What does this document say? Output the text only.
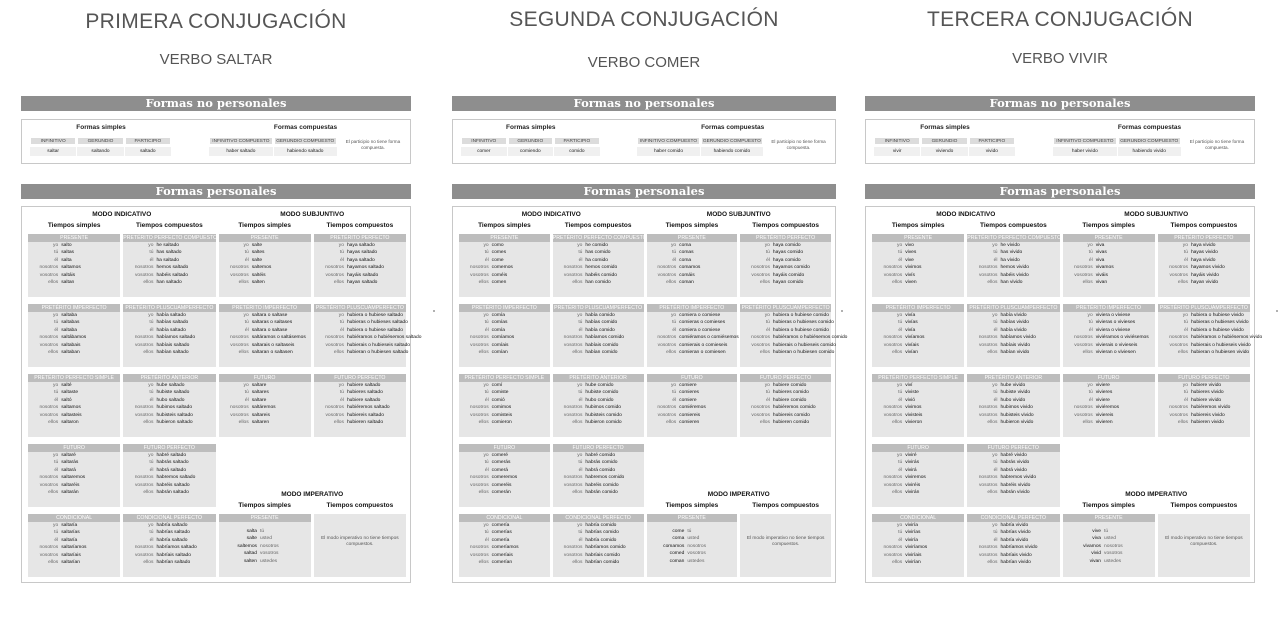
PRIMERA CONJUGACIÓN
VERBO SALTAR
Formas no personales
Formas simples	Formas compuestas
INFINITIVO
saltar
GERUNDIO
saltando
PARTICIPIO
saltado
INFINITIVO COMPUESTO
haber saltado
GERUNDIO COMPUESTO
habiendo saltado
El participio no tiene forma compuesta.
Formas personales
MODO INDICATIVO	MODO SUBJUNTIVO
Tiempos simples	Tiempos compuestos	Tiempos simples	Tiempos compuestos
PRESENTE
yo salto
tú saltas
él salta
nosotros saltamos
vosotros saltáis
ellos saltan
PRETÉRITO PERFECTO COMPUESTO
yo he saltado
tú has saltado
él ha saltado
nosotros hemos saltado
vosotros habéis saltado
ellos han saltado
PRETÉRITO IMPERFECTO
yo saltaba
tú saltabas
él saltaba
nosotros saltábamos
vosotros saltabais
ellos saltaban
PRETÉRITO PLUSCUAMPERFECTO
yo había saltado
tú habías saltado
él había saltado
nosotros habíamos saltado
vosotros habíais saltado
ellos habían saltado
PRETÉRITO PERFECTO SIMPLE
yo salté
tú saltaste
él saltó
nosotros saltamos
vosotros saltasteis
ellos saltaron
PRETÉRITO ANTERIOR
yo hube saltado
tú hubiste saltado
él hubo saltado
nosotros hubimos saltado
vosotros hubisteis saltado
ellos hubieron saltado
FUTURO
yo saltaré
tú saltarás
él saltará
nosotros saltaremos
vosotros saltaréis
ellos saltarán
FUTURO PERFECTO
yo habré saltado
tú habrás saltado
él habrá saltado
nosotros habremos saltado
vosotros habréis saltado
ellos habrán saltado
CONDICIONAL
yo saltaría
tú saltarías
él saltaría
nosotros saltaríamos
vosotros saltaríais
ellos saltarían
CONDICIONAL PERFECTO
yo habría saltado
tú habrías saltado
él habría saltado
nosotros habríamos saltado
vosotros habríais saltado
ellos habrían saltado
PRESENTE
yo salte
tú saltes
él salte
nosotros saltemos
vosotros saltéis
ellos salten
PRETÉRITO PERFECTO
yo haya saltado
tú hayas saltado
él haya saltado
nosotros hayamos saltado
vosotros hayáis saltado
ellos hayan saltado
PRETÉRITO IMPERFECTO
yo saltara o saltase
tú saltaras o saltases
él saltara o saltase
nosotros saltáramos o saltásemos
vosotros saltarais o saltaseis
ellos saltaran o saltasen
PRETÉRITO PLUSCUAMPERFECTO
yo hubiera o hubiese saltado
tú hubieras o hubieses saltado
él hubiera o hubiese saltado
nosotros hubiéramos o hubiésemos saltado
vosotros hubierais o hubieseis saltado
ellos hubieran o hubiesen saltado
FUTURO
yo saltare
tú saltares
él saltare
nosotros saltáremos
vosotros saltareis
ellos saltaren
FUTURO PERFECTO
yo hubiere saltado
tú hubieres saltado
él hubiere saltado
nosotros hubiéremos saltado
vosotros hubiereis saltado
ellos hubieren saltado
MODO IMPERATIVO
Tiempos simples	Tiempos compuestos
PRESENTE
salta tú
salte usted
saltemos nosotros
saltad vosotros
salten ustedes
El modo imperativo no tiene tiempos compuestos.
SEGUNDA CONJUGACIÓN
VERBO COMER
Formas no personales
Formas simples	Formas compuestas
INFINITIVO
comer
GERUNDIO
comiendo
PARTICIPIO
comido
INFINITIVO COMPUESTO
haber comido
GERUNDIO COMPUESTO
habiendo comido
El participio no tiene forma compuesta.
Formas personales
MODO INDICATIVO	MODO SUBJUNTIVO
Tiempos simples	Tiempos compuestos	Tiempos simples	Tiempos compuestos
PRESENTE
yo como
tú comes
él come
nosotros comemos
vosotros coméis
ellos comen
PRETÉRITO PERFECTO COMPUESTO
yo he comido
tú has comido
él ha comido
nosotros hemos comido
vosotros habéis comido
ellos han comido
PRETÉRITO IMPERFECTO
yo comía
tú comías
él comía
nosotros comíamos
vosotros comíais
ellos comían
PRETÉRITO PLUSCUAMPERFECTO
yo había comido
tú habías comido
él había comido
nosotros habíamos comido
vosotros habíais comido
ellos habían comido
PRETÉRITO PERFECTO SIMPLE
yo comí
tú comiste
él comió
nosotros comimos
vosotros comisteis
ellos comieron
PRETÉRITO ANTERIOR
yo hube comido
tú hubiste comido
él hubo comido
nosotros hubimos comido
vosotros hubisteis comido
ellos hubieron comido
FUTURO
yo comeré
tú comerás
él comerá
nosotros comeremos
vosotros comeréis
ellos comerán
FUTURO PERFECTO
yo habré comido
tú habrás comido
él habrá comido
nosotros habremos comido
vosotros habréis comido
ellos habrán comido
CONDICIONAL
yo comería
tú comerías
él comería
nosotros comeríamos
vosotros comeríais
ellos comerían
CONDICIONAL PERFECTO
yo habría comido
tú habrías comido
él habría comido
nosotros habríamos comido
vosotros habríais comido
ellos habrían comido
PRESENTE
yo coma
tú comas
él coma
nosotros comamos
vosotros comáis
ellos coman
PRETÉRITO PERFECTO
yo haya comido
tú hayas comido
él haya comido
nosotros hayamos comido
vosotros hayáis comido
ellos hayan comido
PRETÉRITO IMPERFECTO
yo comiera o comiese
tú comieras o comieses
él comiera o comiese
nosotros comiéramos o comiésemos
vosotros comierais o comieseis
ellos comieran o comiesen
PRETÉRITO PLUSCUAMPERFECTO
yo hubiera o hubiese comido
tú hubieras o hubieses comido
él hubiera o hubiese comido
nosotros hubiéramos o hubiésemos comido
vosotros hubierais o hubieseis comido
ellos hubieran o hubiesen comido
FUTURO
yo comiere
tú comieres
él comiere
nosotros comiéremos
vosotros comiereis
ellos comieren
FUTURO PERFECTO
yo hubiere comido
tú hubieres comido
él hubiere comido
nosotros hubiéremos comido
vosotros hubiereis comido
ellos hubieren comido
MODO IMPERATIVO
Tiempos simples	Tiempos compuestos
PRESENTE
come tú
coma usted
comamos nosotros
comed vosotros
coman ustedes
El modo imperativo no tiene tiempos compuestos.
TERCERA CONJUGACIÓN
VERBO VIVIR
Formas no personales
Formas simples	Formas compuestas
INFINITIVO
vivir
GERUNDIO
viviendo
PARTICIPIO
vivido
INFINITIVO COMPUESTO
haber vivido
GERUNDIO COMPUESTO
habiendo vivido
El participio no tiene forma compuesta.
Formas personales
MODO INDICATIVO	MODO SUBJUNTIVO
Tiempos simples	Tiempos compuestos	Tiempos simples	Tiempos compuestos
PRESENTE
yo vivo
tú vives
él vive
nosotros vivimos
vosotros vivís
ellos viven
PRETÉRITO PERFECTO COMPUESTO
yo he vivido
tú has vivido
él ha vivido
nosotros hemos vivido
vosotros habéis vivido
ellos han vivido
PRETÉRITO IMPERFECTO
yo vivía
tú vivías
él vivía
nosotros vivíamos
vosotros vivíais
ellos vivían
PRETÉRITO PLUSCUAMPERFECTO
yo había vivido
tú habías vivido
él había vivido
nosotros habíamos vivido
vosotros habíais vivido
ellos habían vivido
PRETÉRITO PERFECTO SIMPLE
yo viví
tú viviste
él vivió
nosotros vivimos
vosotros vivisteis
ellos vivieron
PRETÉRITO ANTERIOR
yo hube vivido
tú hubiste vivido
él hubo vivido
nosotros hubimos vivido
vosotros hubisteis vivido
ellos hubieron vivido
FUTURO
yo viviré
tú vivirás
él vivirá
nosotros viviremos
vosotros viviréis
ellos vivirán
FUTURO PERFECTO
yo habré vivido
tú habrás vivido
él habrá vivido
nosotros habremos vivido
vosotros habréis vivido
ellos habrán vivido
CONDICIONAL
yo viviría
tú vivirías
él viviría
nosotros viviríamos
vosotros viviríais
ellos vivirían
CONDICIONAL PERFECTO
yo habría vivido
tú habrías vivido
él habría vivido
nosotros habríamos vivido
vosotros habríais vivido
ellos habrían vivido
PRESENTE
yo viva
tú vivas
él viva
nosotros vivamos
vosotros viváis
ellos vivan
PRETÉRITO PERFECTO
yo haya vivido
tú hayas vivido
él haya vivido
nosotros hayamos vivido
vosotros hayáis vivido
ellos hayan vivido
PRETÉRITO IMPERFECTO
yo viviera o viviese
tú vivieras o vivieses
él viviera o viviese
nosotros viviéramos o viviésemos
vosotros vivierais o vivieseis
ellos vivieran o viviesen
PRETÉRITO PLUSCUAMPERFECTO
yo hubiera o hubiese vivido
tú hubieras o hubieses vivido
él hubiera o hubiese vivido
nosotros hubiéramos o hubiésemos vivido
vosotros hubierais o hubieseis vivido
ellos hubieran o hubiesen vivido
FUTURO
yo viviere
tú vivieres
él viviere
nosotros viviéremos
vosotros viviereis
ellos vivieren
FUTURO PERFECTO
yo hubiere vivido
tú hubieres vivido
él hubiere vivido
nosotros hubiéremos vivido
vosotros hubiereis vivido
ellos hubieren vivido
MODO IMPERATIVO
Tiempos simples	Tiempos compuestos
PRESENTE
vive tú
viva usted
vivamos nosotros
vivid vosotros
vivan ustedes
El modo imperativo no tiene tiempos compuestos.
